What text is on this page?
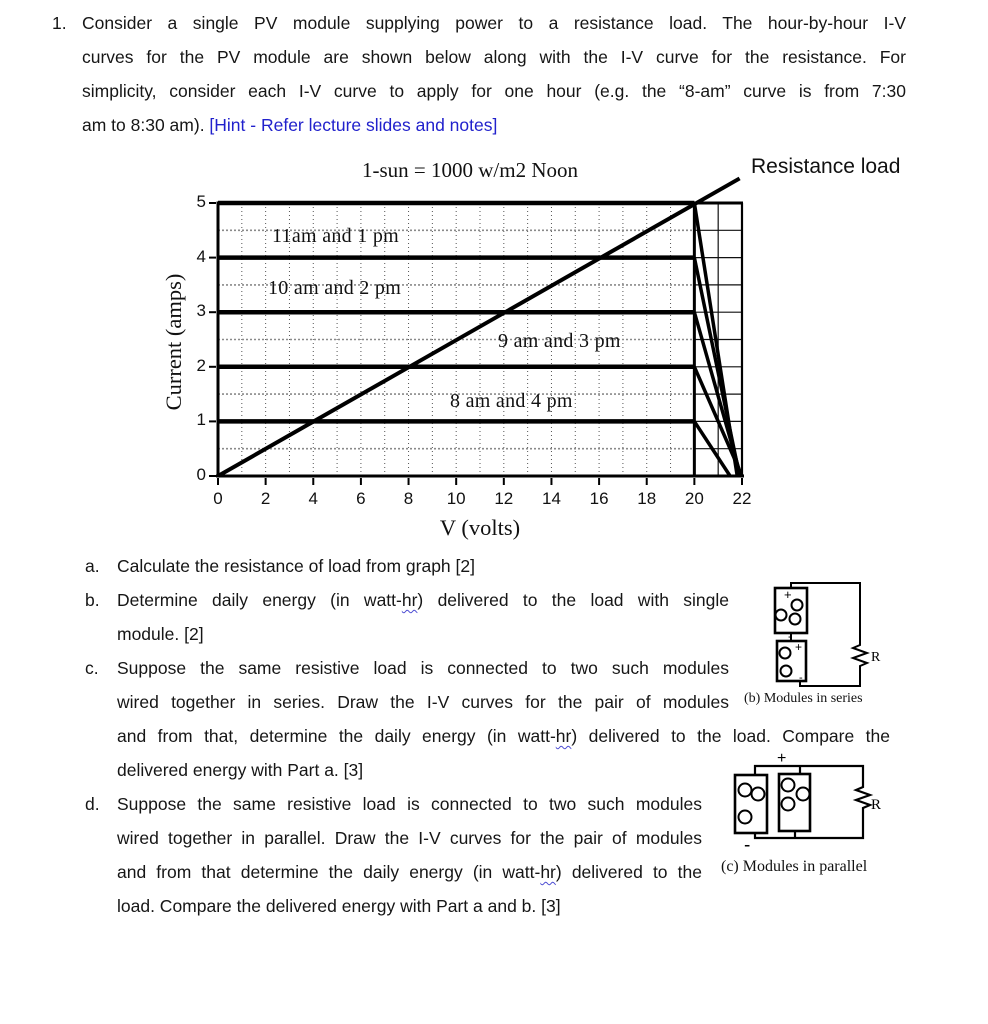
1. Consider a single PV module supplying power to a resistance load. The hour-by-hour I-V
curves for the PV module are shown below along with the I-V curve for the resistance. For
simplicity, consider each I-V curve to apply for one hour (e.g. the “8-am” curve is from 7:30
am to 8:30 am). [Hint - Refer lecture slides and notes]
1-sun = 1000 w/m2 Noon	Resistance load
V (volts)
Current (amps)
0	2	4	6	8	10	12	14	16	18	20	22
0
1
2
3
4
5
11am and 1 pm
10 am and 2 pm
9 am and 3 pm
8 am and 4 pm
a. Calculate the resistance of load from graph [2]
b. Determine daily energy (in watt-hr) delivered to the load with single
module. [2]
c. Suppose the same resistive load is connected to two such modules
wired together in series. Draw the I-V curves for the pair of modules
and from that, determine the daily energy (in watt-hr) delivered to the load. Compare the
delivered energy with Part a. [3]
d. Suppose the same resistive load is connected to two such modules
wired together in parallel. Draw the I-V curves for the pair of modules
and from that determine the daily energy (in watt-hr) delivered to the
load. Compare the delivered energy with Part a and b. [3]
+
-
+
-
R
(b) Modules in series
+
-
R
(c) Modules in parallel
